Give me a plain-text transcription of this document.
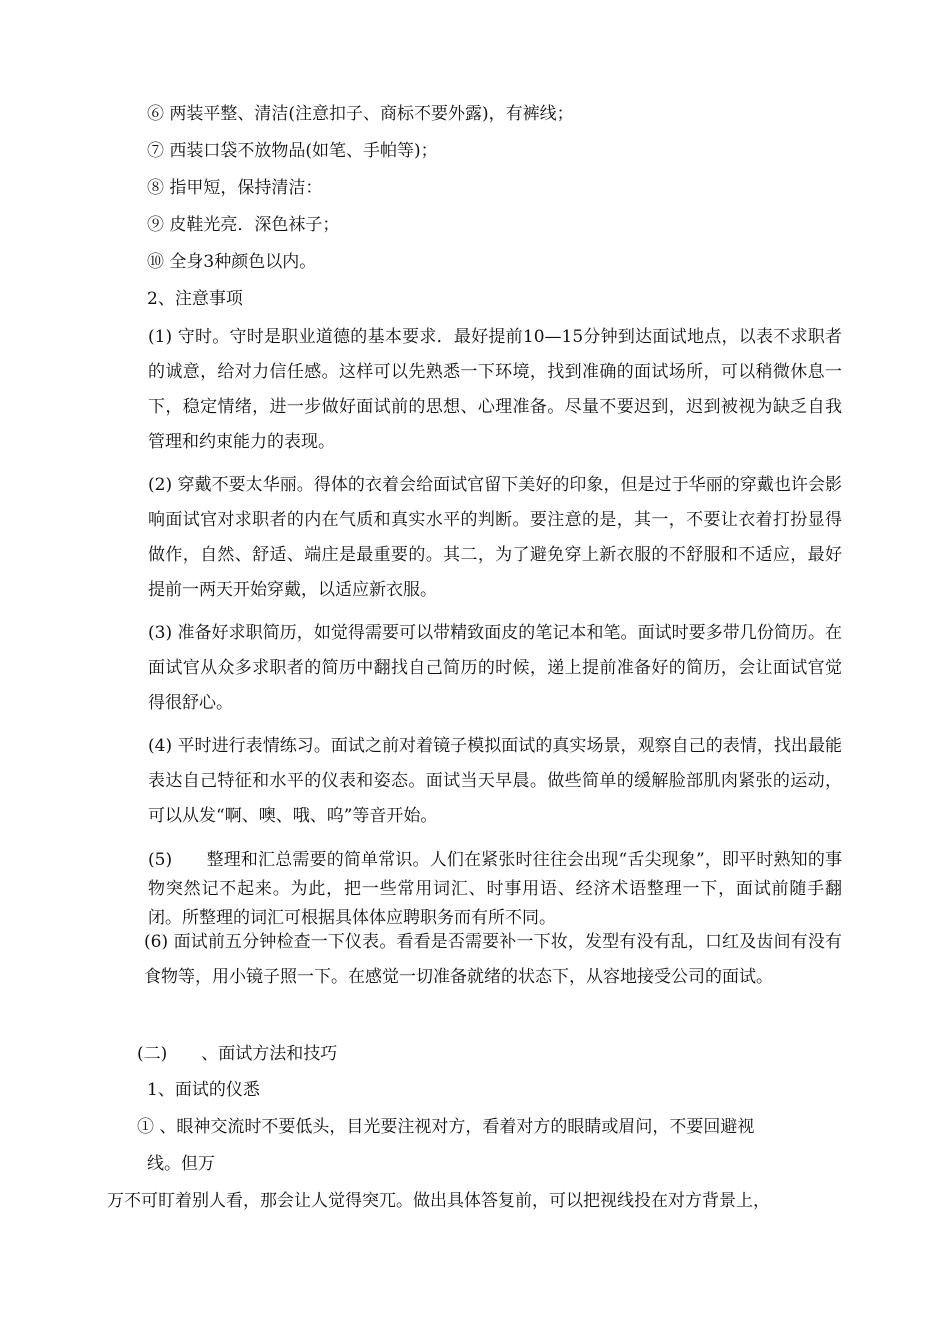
⑥ 两装平整、清洁(注意扣子、商标不要外露)，有裤线；
⑦ 西装口袋不放物品(如笔、手帕等)；
⑧ 指甲短，保持清洁：
⑨ 皮鞋光亮．深色袜子；
⑩ 全身3种颜色以内。
2、注意事项
(1) 守时。守时是职业道德的基本要求．最好提前10—15分钟到达面试地点，以表不求职者的诚意，给对力信任感。这样可以先熟悉一下环境，找到准确的面试场所，可以稍微休息一下，稳定情绪，进一步做好面试前的思想、心理准备。尽量不要迟到，迟到被视为缺乏自我管理和约束能力的表现。
(2) 穿戴不要太华丽。得体的衣着会给面试官留下美好的印象，但是过于华丽的穿戴也许会影响面试官对求职者的内在气质和真实水平的判断。要注意的是，其一，不要让衣着打扮显得做作，自然、舒适、端庄是最重要的。其二，为了避免穿上新衣服的不舒服和不适应，最好提前一两天开始穿戴，以适应新衣服。
(3) 准备好求职简历，如觉得需要可以带精致面皮的笔记本和笔。面试时要多带几份简历。在面试官从众多求职者的简历中翻找自己简历的时候，递上提前准备好的简历，会让面试官觉得很舒心。
(4) 平时进行表情练习。面试之前对着镜子模拟面试的真实场景，观察自己的表情，找出最能表达自己特征和水平的仪表和姿态。面试当天早晨。做些简单的缓解脸部肌肉紧张的运动，可以从发“啊、噢、哦、呜”等音开始。
(5)　　整理和汇总需要的简单常识。人们在紧张时往往会出现“舌尖现象”，即平时熟知的事物突然记不起来。为此，把一些常用词汇、时事用语、经济术语整理一下，面试前随手翻闭。所整理的词汇可根据具体体应聘职务而有所不同。
(6) 面试前五分钟检查一下仪表。看看是否需要补一下妆，发型有没有乱，口红及齿间有没有食物等，用小镜子照一下。在感觉一切准备就绪的状态下，从容地接受公司的面试。
(二)　　、面试方法和技巧
1、面试的仪悉
① 、眼神交流时不要低头，目光要注视对方，看着对方的眼睛或眉问，不要回避视
线。但万
万不可盯着别人看，那会让人觉得突兀。做出具体答复前，可以把视线投在对方背景上，
